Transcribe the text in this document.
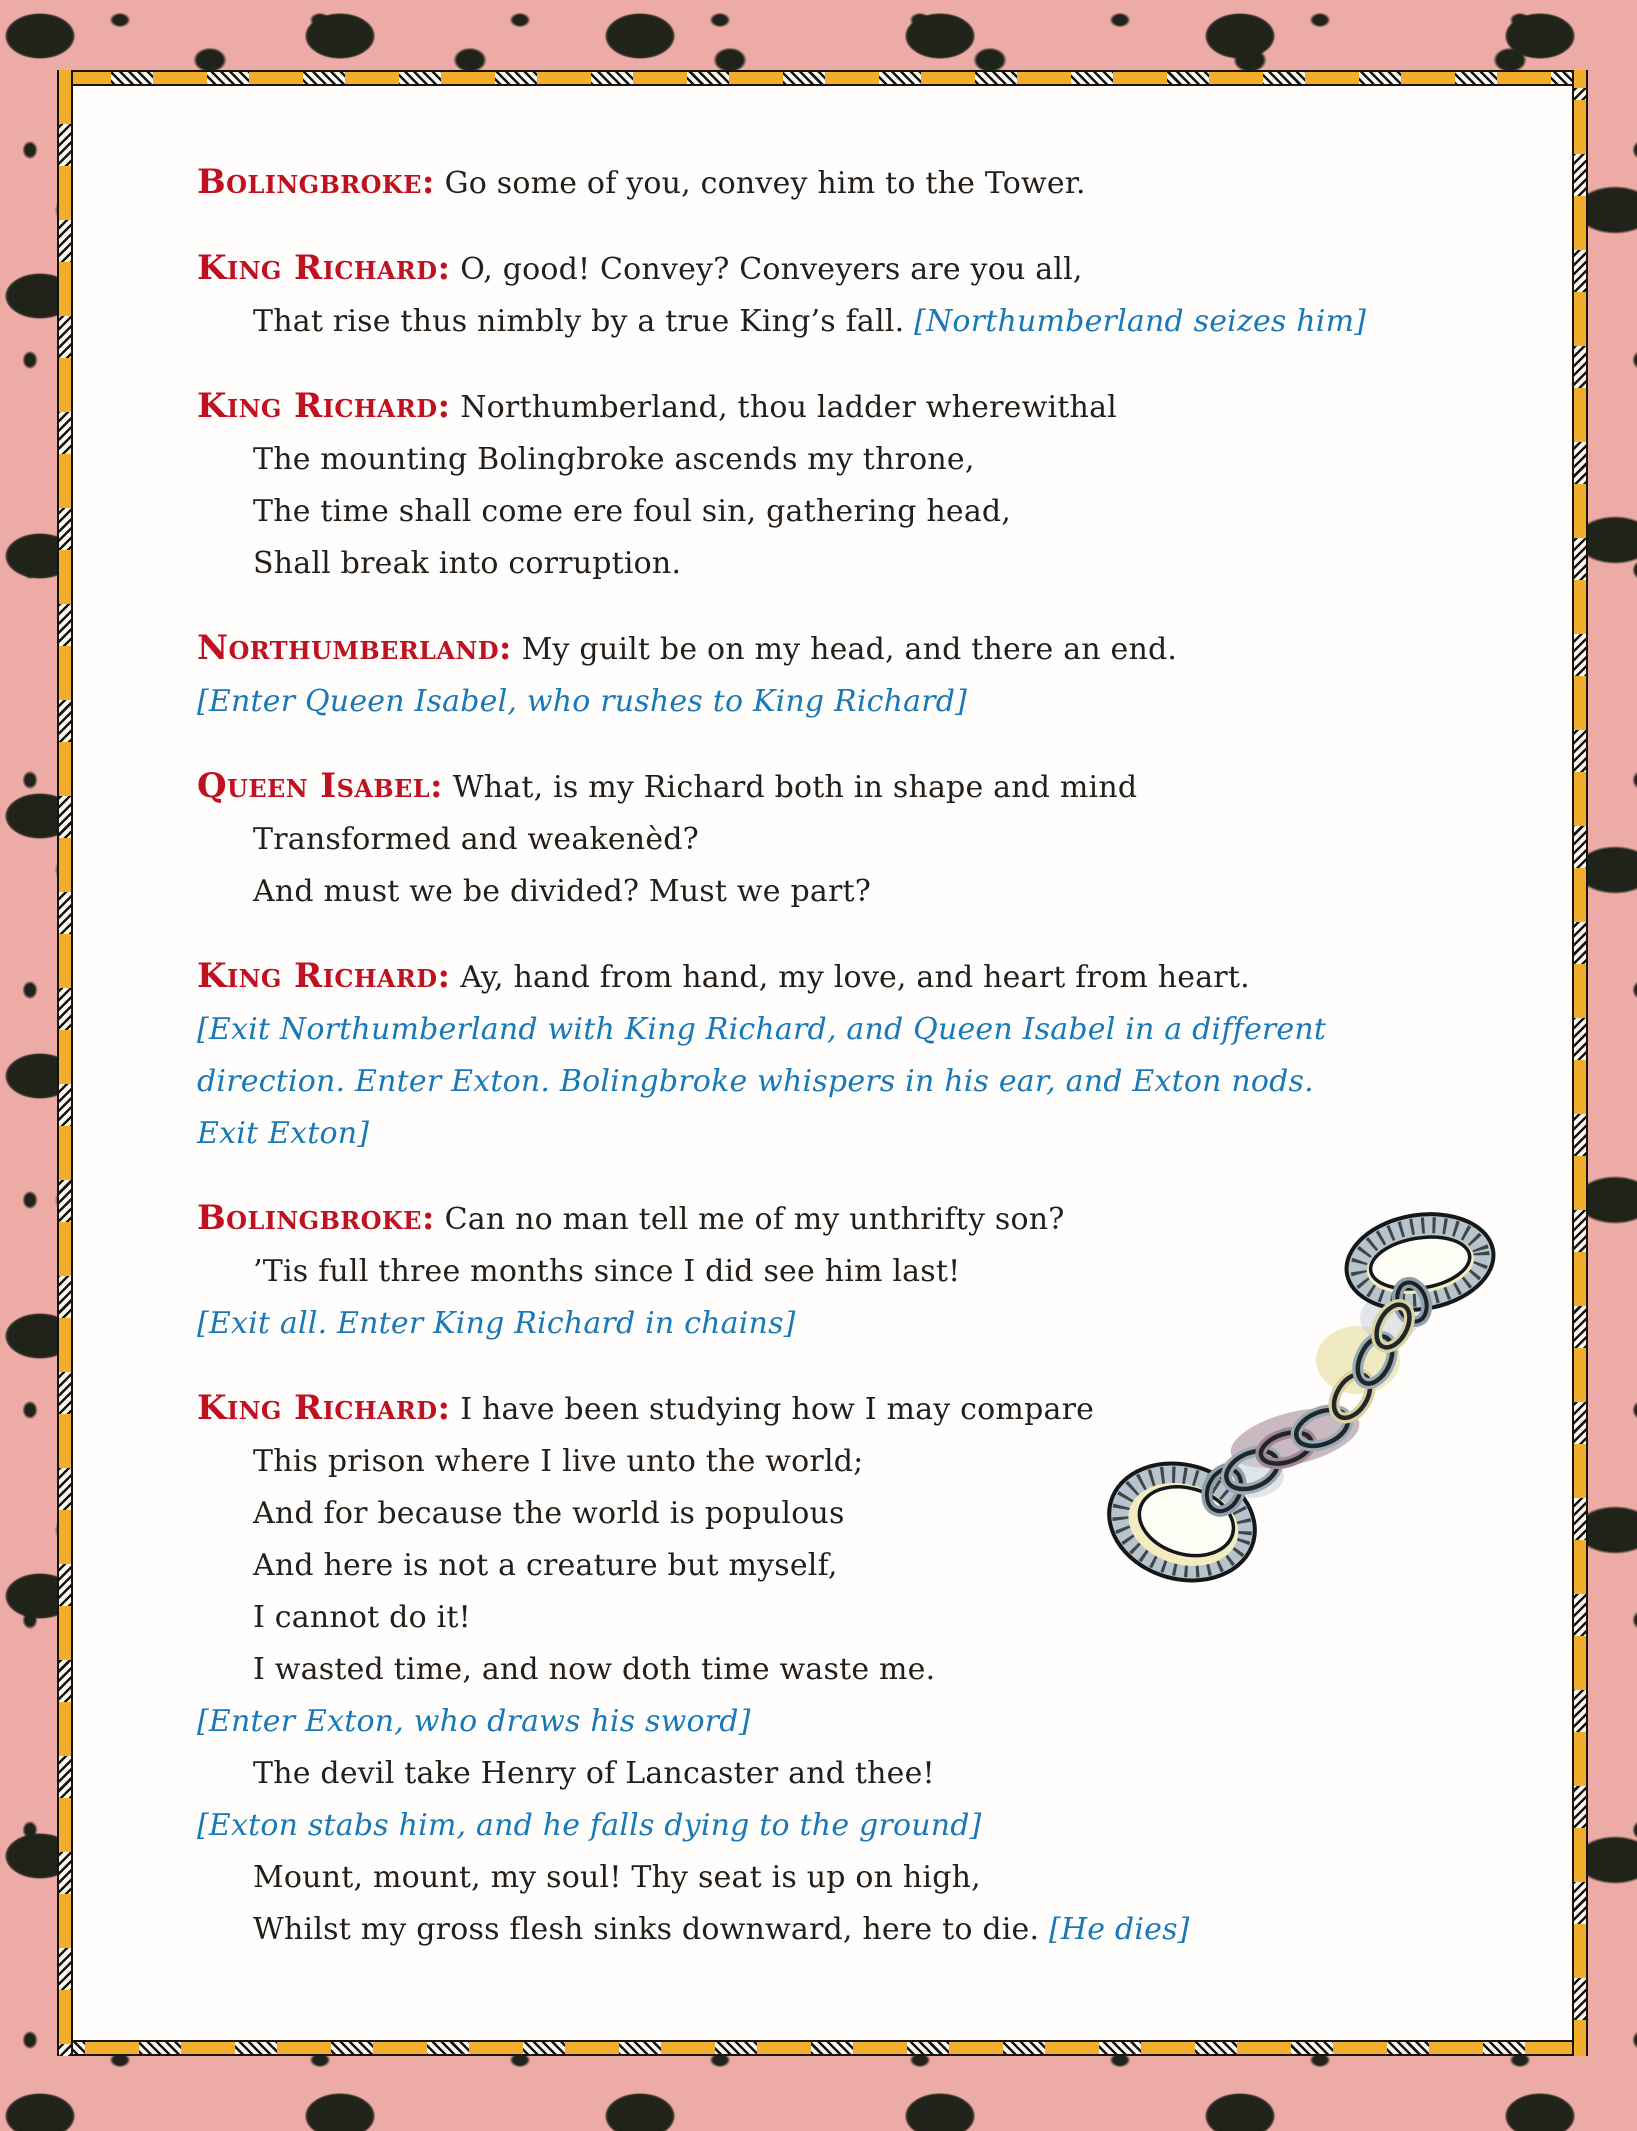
Bolingbroke: Go some of you, convey him to the Tower.

King Richard: O, good! Convey? Conveyers are you all,

That rise thus nimbly by a true King’s fall. [Northumberland seizes him]

King Richard: Northumberland, thou ladder wherewithal

The mounting Bolingbroke ascends my throne,

The time shall come ere foul sin, gathering head,

Shall break into corruption.

Northumberland: My guilt be on my head, and there an end.

[Enter Queen Isabel, who rushes to King Richard]

Queen Isabel: What, is my Richard both in shape and mind

Transformed and weakenèd?

And must we be divided? Must we part?

King Richard: Ay, hand from hand, my love, and heart from heart.

[Exit Northumberland with King Richard, and Queen Isabel in a different

direction. Enter Exton. Bolingbroke whispers in his ear, and Exton nods.

Exit Exton]

Bolingbroke: Can no man tell me of my unthrifty son?

’Tis full three months since I did see him last!

[Exit all. Enter King Richard in chains]

King Richard: I have been studying how I may compare

This prison where I live unto the world;

And for because the world is populous

And here is not a creature but myself,

I cannot do it!

I wasted time, and now doth time waste me.

[Enter Exton, who draws his sword]

The devil take Henry of Lancaster and thee!

[Exton stabs him, and he falls dying to the ground]

Mount, mount, my soul! Thy seat is up on high,

Whilst my gross flesh sinks downward, here to die. [He dies]
